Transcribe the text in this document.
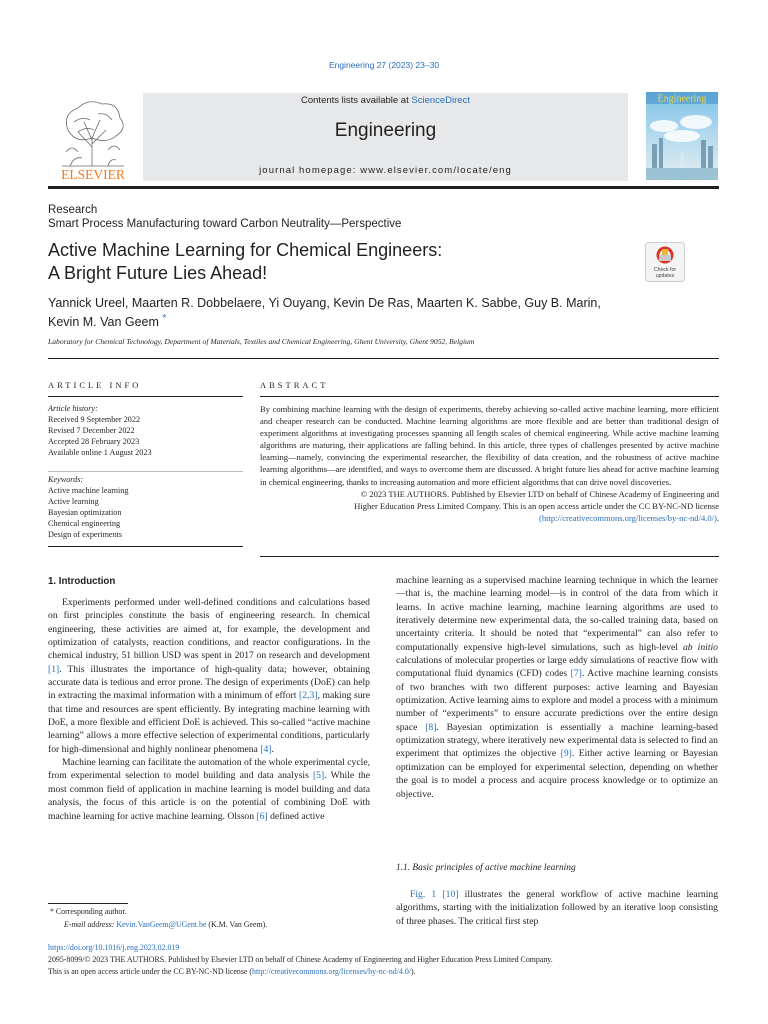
Engineering 27 (2023) 23–30
ELSEVIER
Contents lists available at ScienceDirect
Engineering
journal homepage: www.elsevier.com/locate/eng
Engineering
Research
Smart Process Manufacturing toward Carbon Neutrality—Perspective
Active Machine Learning for Chemical Engineers:
A Bright Future Lies Ahead!	Check for
updates
Yannick Ureel, Maarten R. Dobbelaere, Yi Ouyang, Kevin De Ras, Maarten K. Sabbe, Guy B. Marin,
Kevin M. Van Geem *
Laboratory for Chemical Technology, Department of Materials, Textiles and Chemical Engineering, Ghent University, Ghent 9052, Belgium
ARTICLE INFO	ABSTRACT
Article history:
Received 9 September 2022
Revised 7 December 2022
Accepted 28 February 2023
Available online 1 August 2023
Keywords:
Active machine learning
Active learning
Bayesian optimization
Chemical engineering
Design of experiments

By combining machine learning with the design of experiments, thereby achieving so-called active machine learning, more efficient and cheaper research can be conducted. Machine learning algorithms are more flexible and are better than traditional design of experiment algorithms at investigating processes spanning all length scales of chemical engineering. While active machine learning algorithms are maturing, their applications are falling behind. In this article, three types of challenges presented by active machine learning—namely, convincing the experimental researcher, the flexibility of data creation, and the robustness of active machine learning algorithms—are identified, and ways to overcome them are discussed. A bright future lies ahead for active machine learning in chemical engineering, thanks to increasing automation and more efficient algorithms that can drive novel discoveries.

© 2023 THE AUTHORS. Published by Elsevier LTD on behalf of Chinese Academy of Engineering and

Higher Education Press Limited Company. This is an open access article under the CC BY-NC-ND license

(http://creativecommons.org/licenses/by-nc-nd/4.0/).

1. Introduction

Experiments performed under well-defined conditions and calculations based on first principles constitute the basis of engineering research. In chemical engineering, these activities are aimed at, for example, the development and optimization of catalysts, reaction conditions, and reactor configurations. In the chemical industry, 51 billion USD was spent in 2017 on research and development [1]. This illustrates the importance of high-quality data; however, obtaining accurate data is tedious and error prone. The design of experiments (DoE) can help in extracting the maximal information with a minimum of effort [2,3], making sure that time and resources are spent efficiently. By integrating machine learning with DoE, a more flexible and efficient DoE is achieved. This so-called “active machine learning” allows a more effective selection of experimental conditions, particularly for high-dimensional and highly nonlinear phenomena [4].

Machine learning can facilitate the automation of the whole experimental cycle, from experimental selection to model building and data analysis [5]. While the most common field of application in machine learning is model building and data analysis, the focus of this article is on the potential of combining DoE with machine learning for active machine learning. Olsson [6] defined active

machine learning as a supervised machine learning technique in which the learner—that is, the machine learning model—is in control of the data from which it learns. In active machine learning, machine learning algorithms are used to iteratively determine new experimental data, the so-called training data, based on uncertainty criteria. It should be noted that “experimental” can also refer to computationally expensive high-level simulations, such as high-level ab initio calculations of molecular properties or large eddy simulations of reactive flow with computational fluid dynamics (CFD) codes [7]. Active machine learning consists of two branches with two different purposes: active learning and Bayesian optimization. Active learning aims to explore and model a process with a minimum number of “experiments” to ensure accurate predictions over the entire design space [8]. Bayesian optimization is essentially a machine learning-based optimization strategy, where iteratively new experimental data is selected to find an experiment that optimizes the objective [9]. Either active learning or Bayesian optimization can be employed for experimental selection, depending on whether the goal is to model a process and acquire process knowledge or to optimize an objective.

1.1. Basic principles of active machine learning

Fig. 1 [10] illustrates the general workflow of active machine learning algorithms, starting with the initialization followed by an iterative loop consisting of three phases. The critical first step

* Corresponding author.
E-mail address: Kevin.VanGeem@UGent.be (K.M. Van Geem).
https://doi.org/10.1016/j.eng.2023.02.019
2095-8099/© 2023 THE AUTHORS. Published by Elsevier LTD on behalf of Chinese Academy of Engineering and Higher Education Press Limited Company.
This is an open access article under the CC BY-NC-ND license (http://creativecommons.org/licenses/by-nc-nd/4.0/).
